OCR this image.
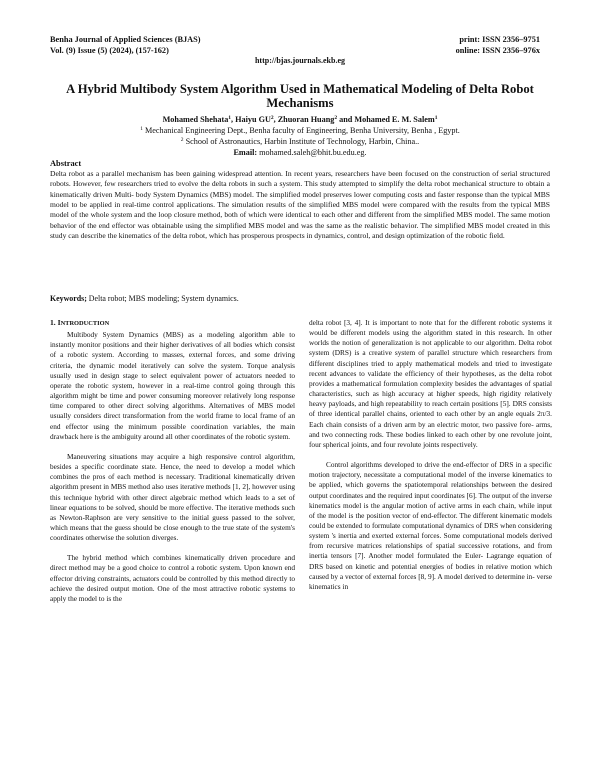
Benha Journal of Applied Sciences (BJAS)
Vol. (9) Issue (5) (2024), (157-162)
print: ISSN 2356–9751
online: ISSN 2356–976x
http://bjas.journals.ekb.eg
A Hybrid Multibody System Algorithm Used in Mathematical Modeling of Delta Robot Mechanisms
Mohamed Shehata$^1$, Haiyu $GU^2$, Zhuoran Huang$^2$ and Mohamed E. M. Salem$^1$
$^1$ Mechanical Engineering Dept., Benha faculty of Engineering, Benha University, Benha , Egypt.
$^2$ School of Astronautics, Harbin Institute of Technology, Harbin, China..
Email: mohamed.saleh@bhit.bu.edu.eg.
Abstract

Delta robot as a parallel mechanism has been gaining widespread attention. In recent years, researchers have been focused on the construction of serial structured robots. However, few researchers tried to evolve the delta robots in such a system. This study attempted to simplify the delta robot mechanical structure to obtain a kinematically driven Multi- body System Dynamics (MBS) model. The simplified model preserves lower computing costs and faster response than the typical MBS model to be applied in real-time control applications. The simulation results of the simplified MBS model were compared with the results from the typical MBS model of the whole system and the loop closure method, both of which were identical to each other and different from the simplified MBS model. The same motion behavior of the end effector was obtainable using the simplified MBS model and was the same as the realistic behavior. The simplified MBS model created in this study can describe the kinematics of the delta robot, which has prosperous prospects in dynamics, control, and design optimization of the robotic field.

Keywords; Delta robot; MBS modeling; System dynamics.
1. INTRODUCTION

Multibody System Dynamics (MBS) as a modeling algorithm able to instantly monitor positions and their higher derivatives of all bodies which consist of a robotic system. According to masses, external forces, and some driving criteria, the dynamic model iteratively can solve the system. Torque analysis usually used in design stage to select equivalent power of actuators needed to operate the robotic system, however in a real-time control going through this algorithm might be time and power consuming moreover relatively long response time compared to other direct solving algorithms. Alternatives of MBS model usually considers direct transformation from the world frame to local frame of an end effector using the minimum possible coordination variables, the main drawback here is the ambiguity around all other coordinates of the robotic system.

Maneuvering situations may acquire a high responsive control algorithm, besides a specific coordinate state. Hence, the need to develop a model which combines the pros of each method is necessary. Traditional kinematically driven algorithm present in MBS method also uses iterative methods [1, 2], however using this technique hybrid with other direct algebraic method which leads to a set of linear equations to be solved, should be more effective. The iterative methods such as Newton-Raphson are very sensitive to the initial guess passed to the solver, which means that the guess should be close enough to the true state of the system's coordinates otherwise the solution diverges.

The hybrid method which combines kinematically driven procedure and direct method may be a good choice to control a robotic system. Upon known end effector driving constraints, actuators could be controlled by this method directly to achieve the desired output motion. One of the most attractive robotic systems to apply the model to is the

delta robot [3, 4]. It is important to note that for the different robotic systems it would be different models using the algorithm stated in this research. In other worlds the notion of generalization is not applicable to our algorithm. Delta robot system (DRS) is a creative system of parallel structure which researchers from different disciplines tried to apply mathematical models and tried to investigate recent advances to validate the efficiency of their hypotheses, as the delta robot provides a mathematical formulation complexity besides the advantages of spatial characteristics, such as high accuracy at higher speeds, high rigidity relatively heavy payloads, and high repeatability to reach certain positions [5]. DRS consists of three identical parallel chains, oriented to each other by an angle equals 2π/3. Each chain consists of a driven arm by an electric motor, two passive fore- arms, and two connecting rods. These bodies linked to each other by one revolute joint, four spherical joints, and four revolute joints respectively.

Control algorithms developed to drive the end-effector of DRS in a specific motion trajectory, necessitate a computational model of the inverse kinematics to be applied, which governs the spatiotemporal relationships between the desired output coordinates and the required input coordinates [6]. The output of the inverse kinematics model is the angular motion of active arms in each chain, while input of the model is the position vector of end-effector. The different kinematic models could be extended to formulate computational dynamics of DRS when considering system 's inertia and exerted external forces. Some computational models derived from recursive matrices relationships of spatial successive rotations, and from inertia tensors [7]. Another model formulated the Euler- Lagrange equation of DRS based on kinetic and potential energies of bodies in relative motion which caused by a vector of external forces [8, 9]. A model derived to determine in- verse kinematics in
